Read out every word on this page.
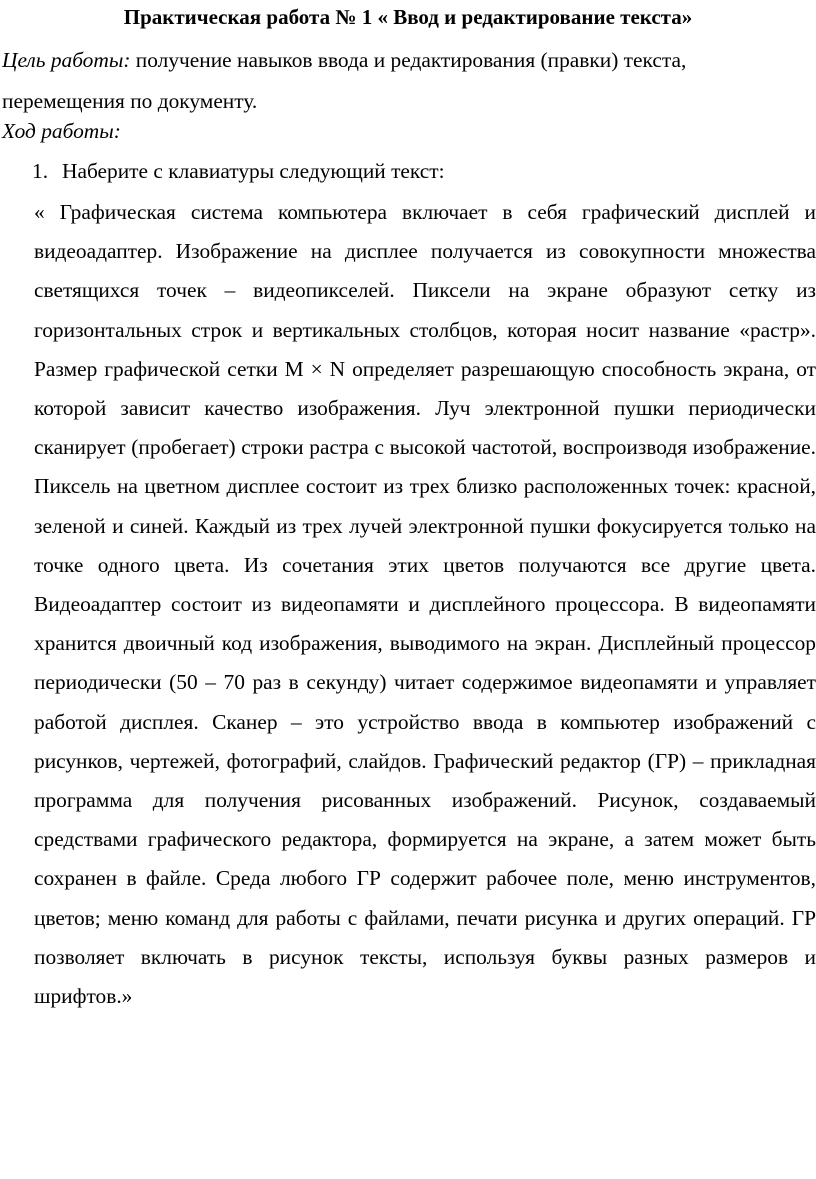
Практическая работа № 1 « Ввод и редактирование текста»
Цель работы: получение навыков ввода и редактирования (правки) текста, перемещения по документу.
Ход работы:
1. Наберите с клавиатуры следующий текст:
« Графическая система компьютера включает в себя графический дисплей и видеоадаптер. Изображение на дисплее получается из совокупности множества светящихся точек – видеопикселей. Пиксели на экране образуют сетку из горизонтальных строк и вертикальных столбцов, которая носит название «растр». Размер графической сетки M × N определяет разрешающую способность экрана, от которой зависит качество изображения. Луч электронной пушки периодически сканирует (пробегает) строки растра с высокой частотой, воспроизводя изображение. Пиксель на цветном дисплее состоит из трех близко расположенных точек: красной, зеленой и синей. Каждый из трех лучей электронной пушки фокусируется только на точке одного цвета. Из сочетания этих цветов получаются все другие цвета. Видеоадаптер состоит из видеопамяти и дисплейного процессора. В видеопамяти хранится двоичный код изображения, выводимого на экран. Дисплейный процессор периодически (50 – 70 раз в секунду) читает содержимое видеопамяти и управляет работой дисплея. Сканер – это устройство ввода в компьютер изображений с рисунков, чертежей, фотографий, слайдов. Графический редактор (ГР) – прикладная программа для получения рисованных изображений. Рисунок, создаваемый средствами графического редактора, формируется на экране, а затем может быть сохранен в файле. Среда любого ГР содержит рабочее поле, меню инструментов, цветов; меню команд для работы с файлами, печати рисунка и других операций. ГР позволяет включать в рисунок тексты, используя буквы разных размеров и шрифтов.»
